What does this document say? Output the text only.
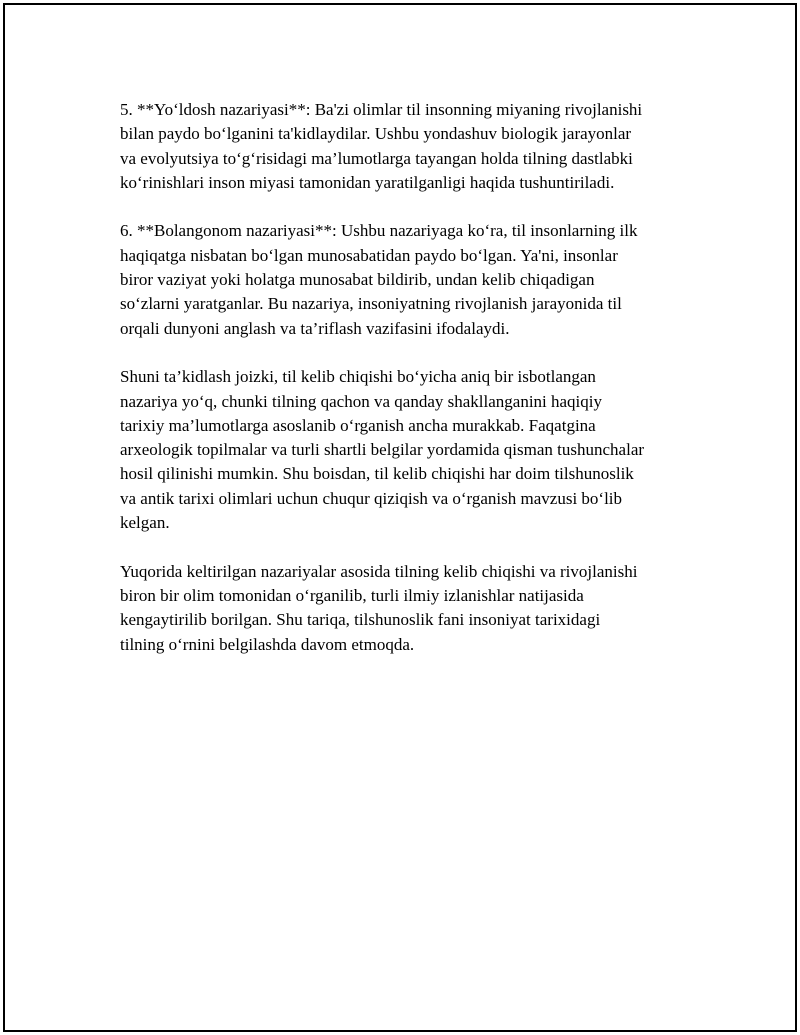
5. **Yo‘ldosh nazariyasi**: Ba'zi olimlar til insonning miyaning rivojlanishi
bilan paydo bo‘lganini ta'kidlaydilar. Ushbu yondashuv biologik jarayonlar
va evolyutsiya to‘g‘risidagi ma’lumotlarga tayangan holda tilning dastlabki
ko‘rinishlari inson miyasi tamonidan yaratilganligi haqida tushuntiriladi.

6. **Bolangonom nazariyasi**: Ushbu nazariyaga ko‘ra, til insonlarning ilk
haqiqatga nisbatan bo‘lgan munosabatidan paydo bo‘lgan. Ya'ni, insonlar
biror vaziyat yoki holatga munosabat bildirib, undan kelib chiqadigan
so‘zlarni yaratganlar. Bu nazariya, insoniyatning rivojlanish jarayonida til
orqali dunyoni anglash va ta’riflash vazifasini ifodalaydi.

Shuni ta’kidlash joizki, til kelib chiqishi bo‘yicha aniq bir isbotlangan
nazariya yo‘q, chunki tilning qachon va qanday shakllanganini haqiqiy
tarixiy ma’lumotlarga asoslanib o‘rganish ancha murakkab. Faqatgina
arxeologik topilmalar va turli shartli belgilar yordamida qisman tushunchalar
hosil qilinishi mumkin. Shu boisdan, til kelib chiqishi har doim tilshunoslik
va antik tarixi olimlari uchun chuqur qiziqish va o‘rganish mavzusi bo‘lib
kelgan.

Yuqorida keltirilgan nazariyalar asosida tilning kelib chiqishi va rivojlanishi
biron bir olim tomonidan o‘rganilib, turli ilmiy izlanishlar natijasida
kengaytirilib borilgan. Shu tariqa, tilshunoslik fani insoniyat tarixidagi
tilning o‘rnini belgilashda davom etmoqda.
